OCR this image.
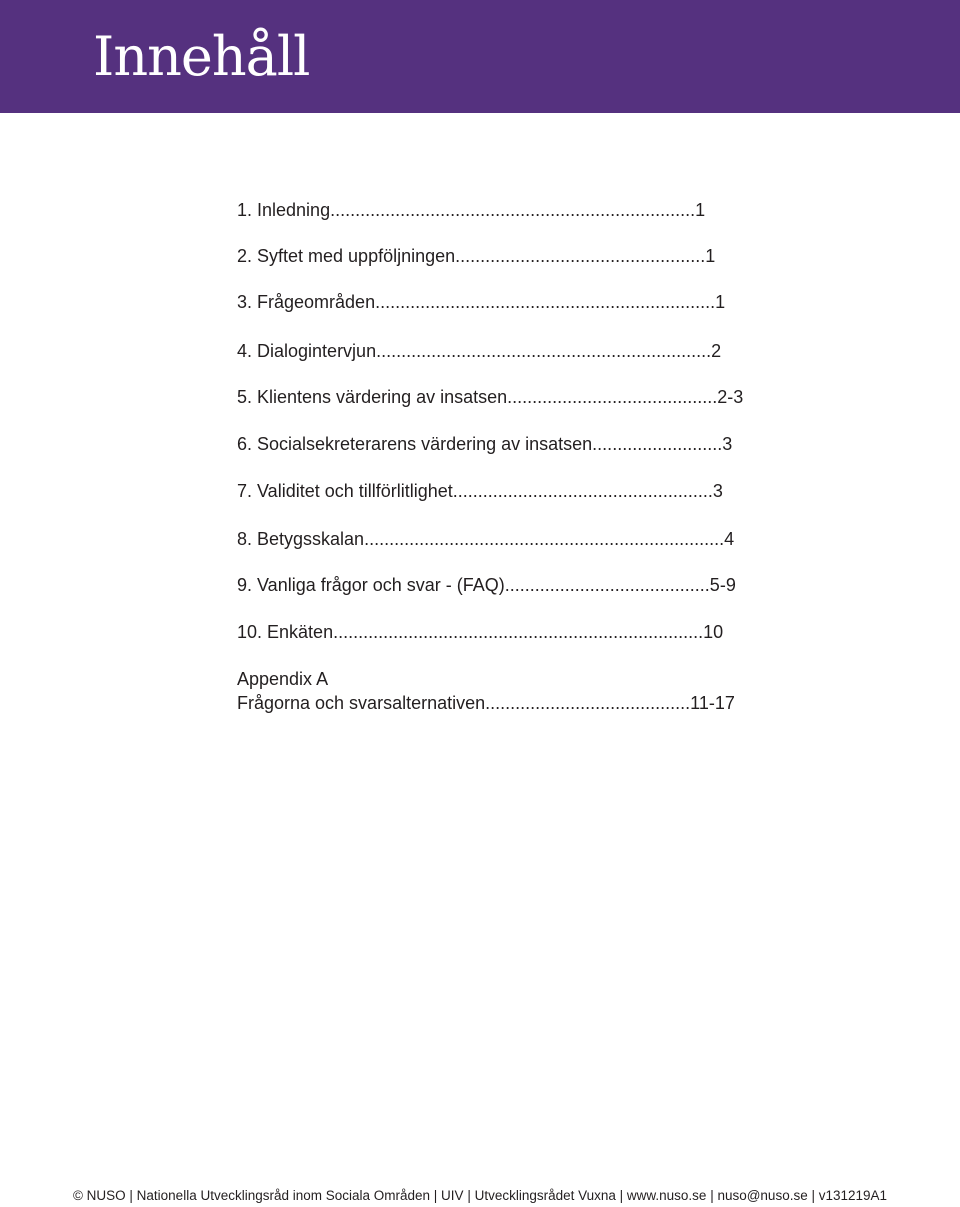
Innehåll
1. Inledning.........................................................................1
2. Syftet med uppföljningen..................................................1
3. Frågeområden....................................................................1
4. Dialogintervjun...................................................................2
5. Klientens värdering av insatsen..........................................2-3
6. Socialsekreterarens värdering av insatsen..........................3
7. Validitet och tillförlitlighet....................................................3
8. Betygsskalan........................................................................4
9. Vanliga frågor och svar - (FAQ).........................................5-9
10. Enkäten..........................................................................10
Appendix A
Frågorna och svarsalternativen.........................................11-17
© NUSO | Nationella Utvecklingsråd inom Sociala Områden | UIV | Utvecklingsrådet Vuxna | www.nuso.se | nuso@nuso.se | v131219A1
